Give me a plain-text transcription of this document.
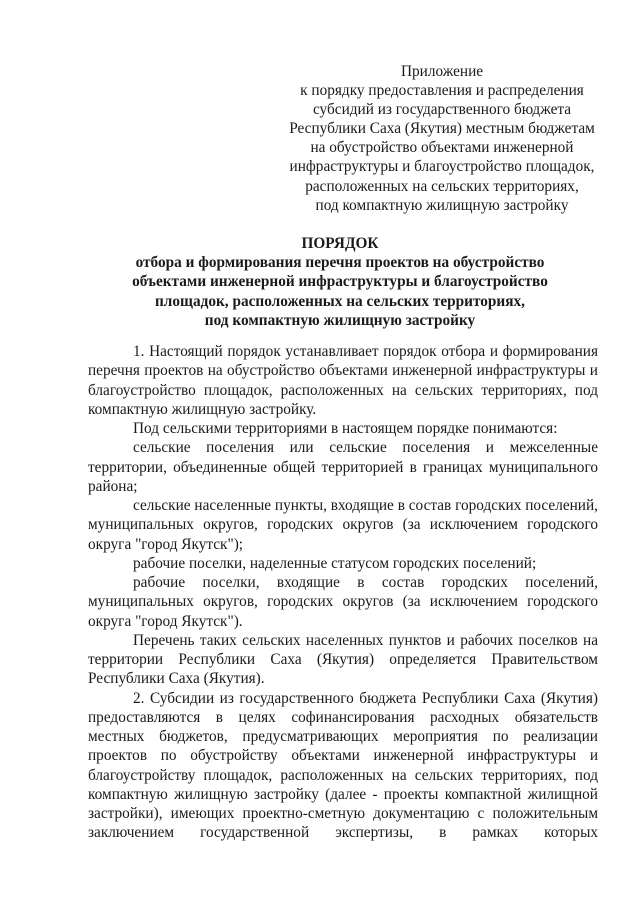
Приложение
к порядку предоставления и распределения
субсидий из государственного бюджета
Республики Саха (Якутия) местным бюджетам
на обустройство объектами инженерной
инфраструктуры и благоустройство площадок,
расположенных на сельских территориях,
под компактную жилищную застройку
ПОРЯДОК
отбора и формирования перечня проектов на обустройство
объектами инженерной инфраструктуры и благоустройство
площадок, расположенных на сельских территориях,
под компактную жилищную застройку
1. Настоящий порядок устанавливает порядок отбора и формирования
перечня проектов на обустройство объектами инженерной инфраструктуры и
благоустройство площадок, расположенных на сельских территориях, под
компактную жилищную застройку.
Под сельскими территориями в настоящем порядке понимаются:
сельские поселения или сельские поселения и межселенные
территории, объединенные общей территорией в границах муниципального
района;
сельские населенные пункты, входящие в состав городских поселений,
муниципальных округов, городских округов (за исключением городского
округа "город Якутск");
рабочие поселки, наделенные статусом городских поселений;
рабочие поселки, входящие в состав городских поселений,
муниципальных округов, городских округов (за исключением городского
округа "город Якутск").
Перечень таких сельских населенных пунктов и рабочих поселков на
территории Республики Саха (Якутия) определяется Правительством
Республики Саха (Якутия).
2. Субсидии из государственного бюджета Республики Саха (Якутия)
предоставляются в целях софинансирования расходных обязательств
местных бюджетов, предусматривающих мероприятия по реализации
проектов по обустройству объектами инженерной инфраструктуры и
благоустройству площадок, расположенных на сельских территориях, под
компактную жилищную застройку (далее - проекты компактной жилищной
застройки), имеющих проектно-сметную документацию с положительным
заключением государственной экспертизы, в рамках которых
